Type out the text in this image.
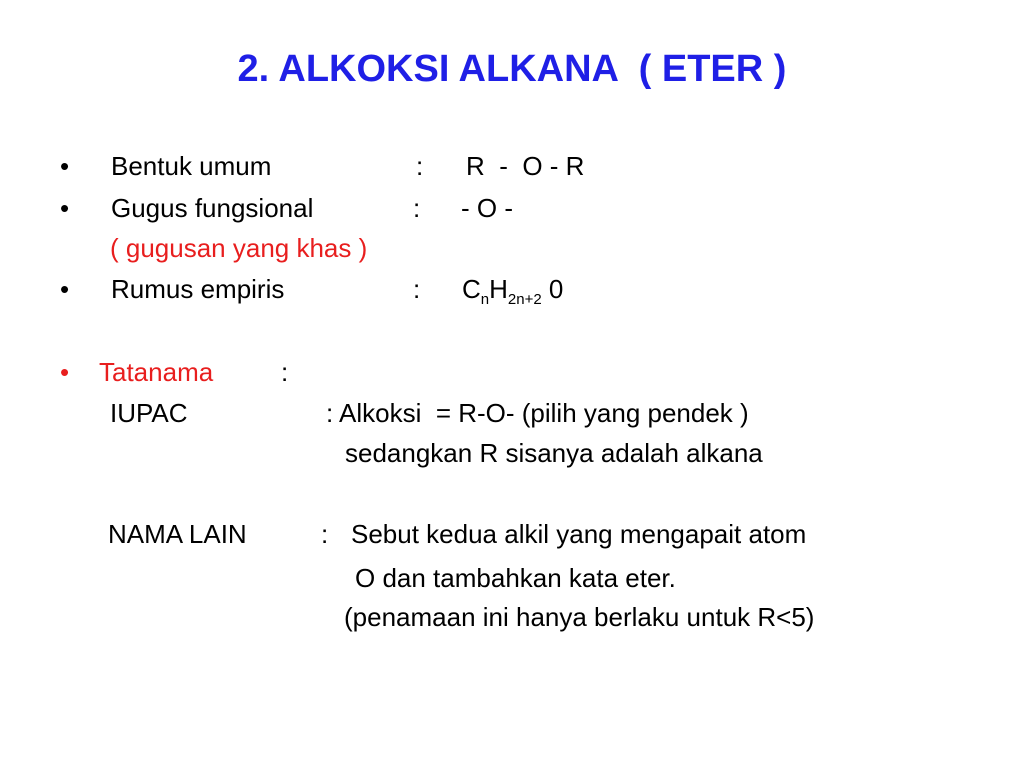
2. ALKOKSI ALKANA  ( ETER )
• Bentuk umum	: R  -  O - R
• Gugus fungsional	: - O -
( gugusan yang khas )
• Rumus empiris	: $C_nH_{2n+2}$ 0
• Tatanama	:
IUPAC	: Alkoksi  = R-O- (pilih yang pendek )
sedangkan R sisanya adalah alkana
NAMA LAIN	: Sebut kedua alkil yang mengapait atom
O dan tambahkan kata eter.
(penamaan ini hanya berlaku untuk R<5)
